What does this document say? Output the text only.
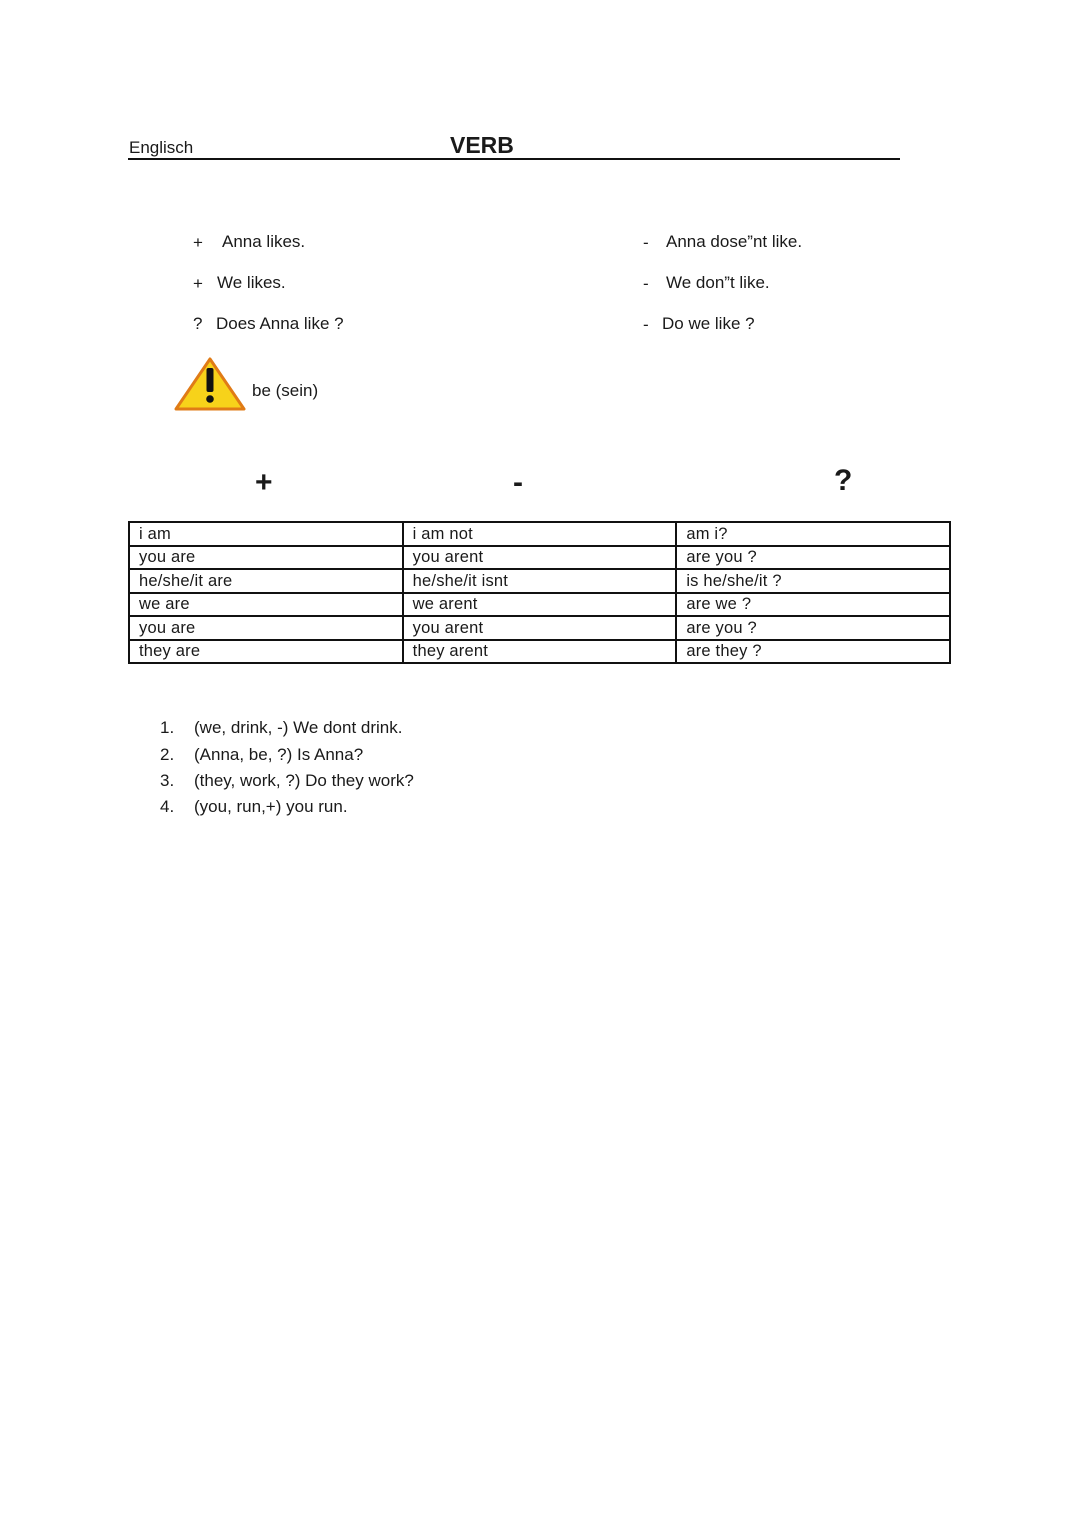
Englisch	VERB
+ Anna likes.
+ We likes.
? Does Anna like ?
- Anna dose”nt like.
- We don”t like.
- Do we like ?
be (sein)
+	-	?
i am	i am not	am i?
you are	you arent	are you ?
he/she/it are	he/she/it isnt	is he/she/it ?
we are	we arent	are we ?
you are	you arent	are you ?
they are	they arent	are they ?
1. (we, drink, -) We dont drink.
2. (Anna, be, ?) Is Anna?
3. (they, work, ?) Do they work?
4. (you, run,+) you run.
